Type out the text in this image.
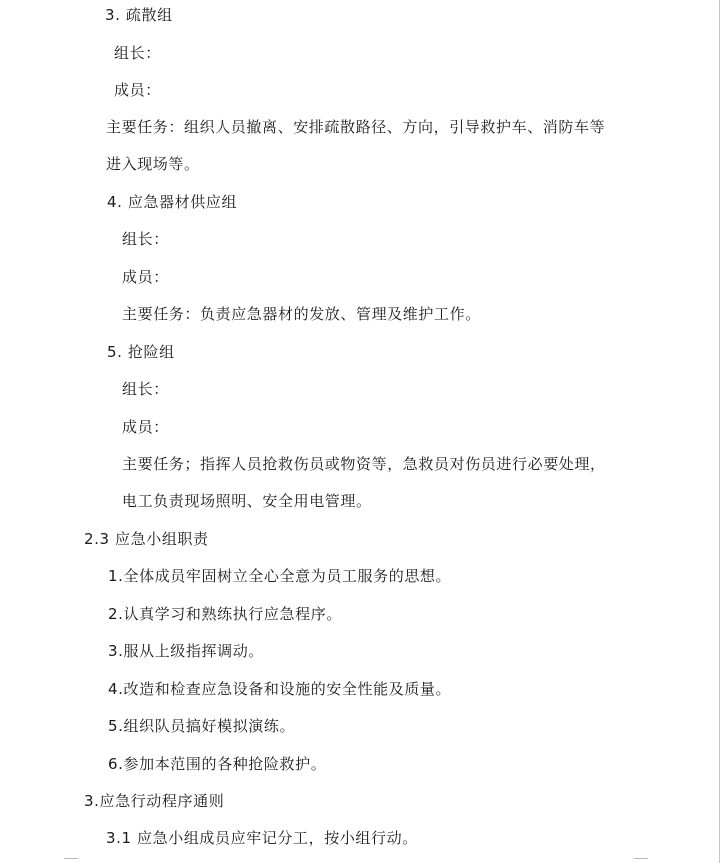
3. 疏散组
组长：
成员：
主要任务：组织人员撤离、安排疏散路径、方向，引导救护车、消防车等
进入现场等。
4. 应急器材供应组
组长：
成员：
主要任务：负责应急器材的发放、管理及维护工作。
5. 抢险组
组长：
成员：
主要任务；指挥人员抢救伤员或物资等，急救员对伤员进行必要处理，
电工负责现场照明、安全用电管理。
2.3 应急小组职责
1.全体成员牢固树立全心全意为员工服务的思想。
2.认真学习和熟练执行应急程序。
3.服从上级指挥调动。
4.改造和检查应急设备和设施的安全性能及质量。
5.组织队员搞好模拟演练。
6.参加本范围的各种抢险救护。
3.应急行动程序通则
3.1 应急小组成员应牢记分工，按小组行动。
